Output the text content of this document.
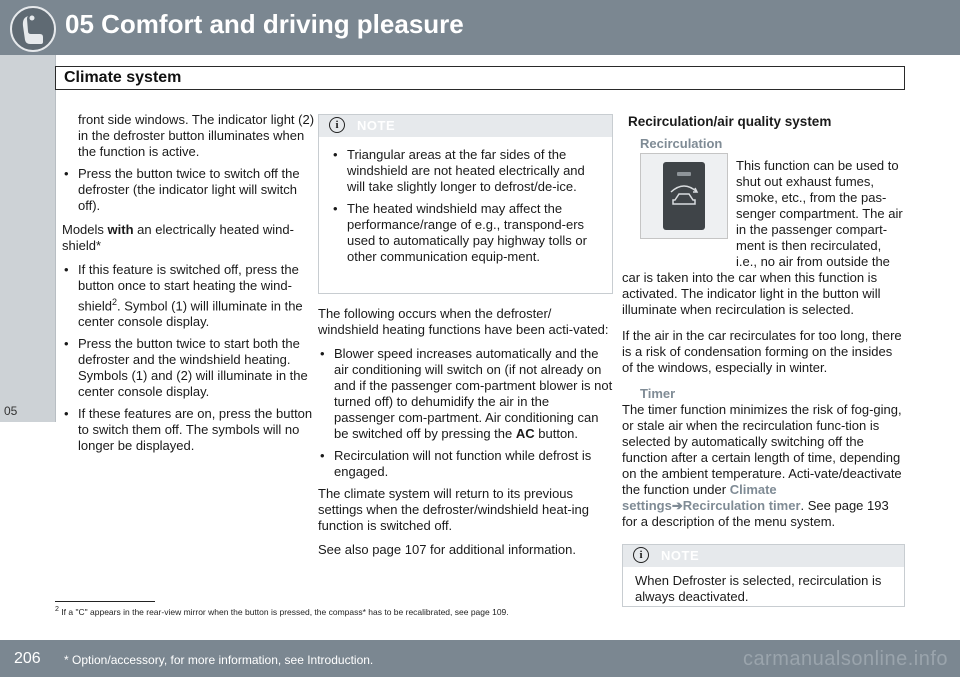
05 Comfort and driving pleasure
05
Climate system

front side windows. The indicator light (2) in the defroster button illuminates when the function is active.

• Press the button twice to switch off the defroster (the indicator light will switch off).

Models with an electrically heated wind-shield*

• If this feature is switched off, press the button once to start heating the wind-shield$^2$. Symbol (1) will illuminate in the center console display.

• Press the button twice to start both the defroster and the windshield heating. Symbols (1) and (2) will illuminate in the center console display.

• If these features are on, press the button to switch them off. The symbols will no longer be displayed.

i	NOTE

• Triangular areas at the far sides of the windshield are not heated electrically and will take slightly longer to defrost/de-ice.

• The heated windshield may affect the performance/range of e.g., transpond-ers used to automatically pay highway tolls or other communication equip-ment.

The following occurs when the defroster/ windshield heating functions have been acti-vated:

• Blower speed increases automatically and the air conditioning will switch on (if not already on and if the passenger com-partment blower is not turned off) to dehumidify the air in the passenger com-partment. Air conditioning can be switched off by pressing the AC button.

• Recirculation will not function while defrost is engaged.

The climate system will return to its previous settings when the defroster/windshield heat-ing function is switched off.

See also page 107 for additional information.

Recirculation/air quality system
Recirculation

This function can be used to shut out exhaust fumes, smoke, etc., from the pas-senger compartment. The air in the passenger compart-ment is then recirculated, i.e., no air from outside the

car is taken into the car when this function is activated. The indicator light in the button will illuminate when recirculation is selected.

If the air in the car recirculates for too long, there is a risk of condensation forming on the insides of the windows, especially in winter.

Timer

The timer function minimizes the risk of fog-ging, or stale air when the recirculation func-tion is selected by automatically switching off the function after a certain length of time, depending on the ambient temperature. Acti-vate/deactivate the function under Climate settings➔Recirculation timer. See page 193 for a description of the menu system.

i	NOTE

When Defroster is selected, recirculation is always deactivated.

$^2$ If a "C" appears in the rear-view mirror when the button is pressed, the compass* has to be recalibrated, see page 109.
206 * Option/accessory, for more information, see Introduction.	carmanualsonline.info
